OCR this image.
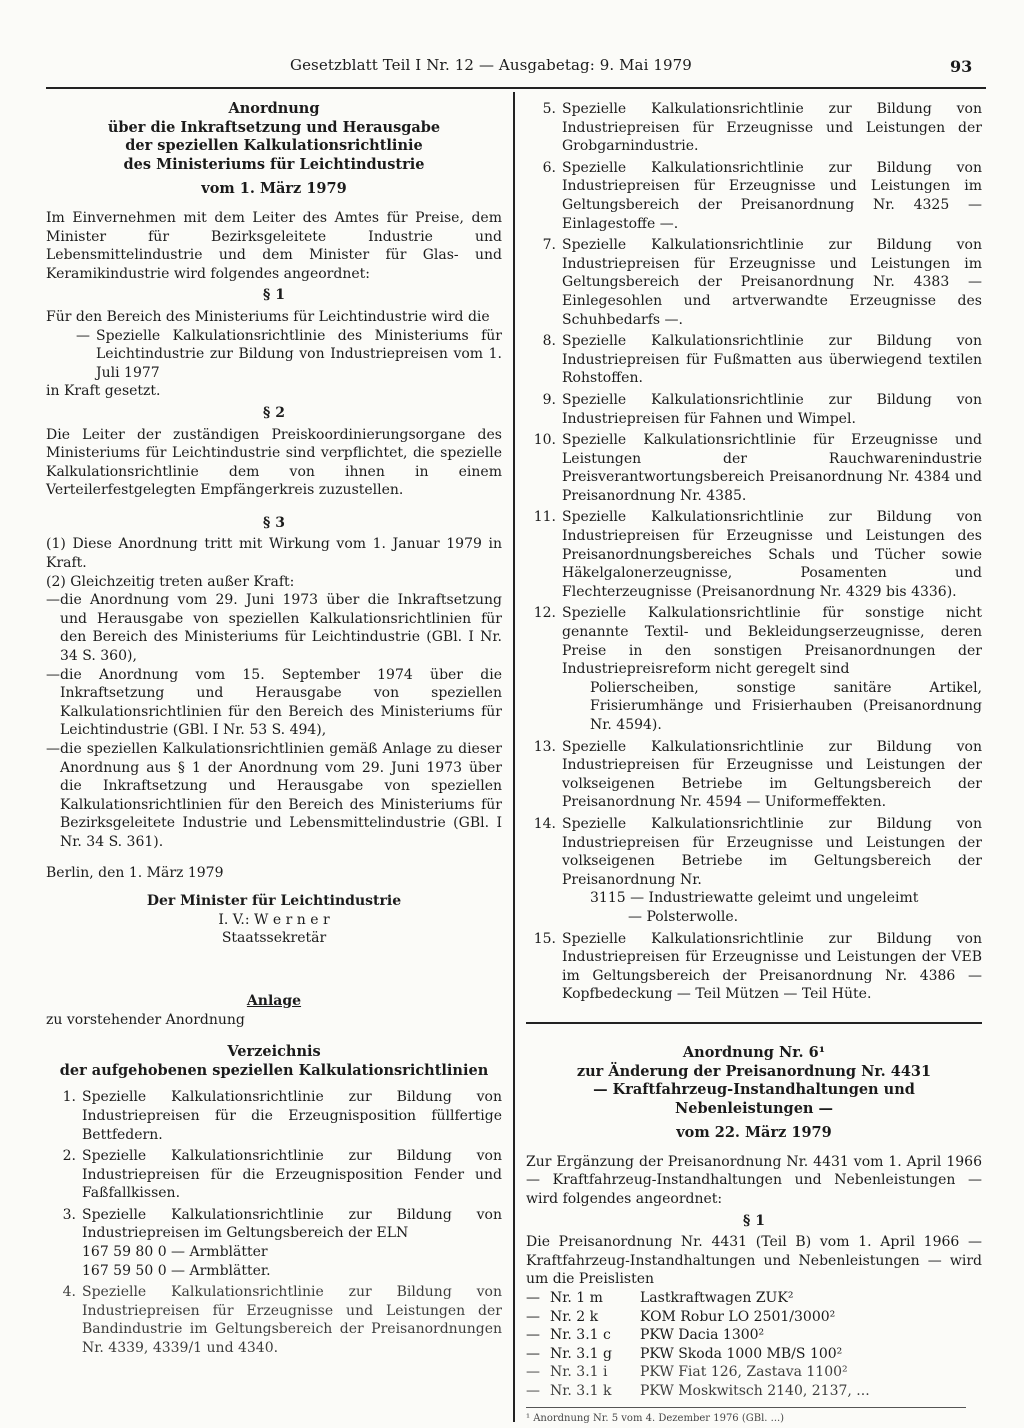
Gesetzblatt Teil I Nr. 12 — Ausgabetag: 9. Mai 1979	93
Anordnung
über die Inkraftsetzung und Herausgabe
der speziellen Kalkulationsrichtlinie
des Ministeriums für Leichtindustrie
vom 1. März 1979

Im Einvernehmen mit dem Leiter des Amtes für Preise, dem Minister für Bezirksgeleitete Industrie und Lebensmittelindustrie und dem Minister für Glas- und Keramikindustrie wird folgendes angeordnet:

§ 1

Für den Bereich des Ministeriums für Leichtindustrie wird die

— Spezielle Kalkulationsrichtlinie des Ministeriums für Leichtindustrie zur Bildung von Industriepreisen vom 1. Juli 1977

in Kraft gesetzt.

§ 2

Die Leiter der zuständigen Preiskoordinierungsorgane des Ministeriums für Leichtindustrie sind verpflichtet, die spezielle Kalkulationsrichtlinie dem von ihnen in einem Verteilerfestgelegten Empfängerkreis zuzustellen.

§ 3

(1) Diese Anordnung tritt mit Wirkung vom 1. Januar 1979 in Kraft.

(2) Gleichzeitig treten außer Kraft:

— die Anordnung vom 29. Juni 1973 über die Inkraftsetzung und Herausgabe von speziellen Kalkulationsrichtlinien für den Bereich des Ministeriums für Leichtindustrie (GBl. I Nr. 34 S. 360),
— die Anordnung vom 15. September 1974 über die Inkraftsetzung und Herausgabe von speziellen Kalkulationsrichtlinien für den Bereich des Ministeriums für Leichtindustrie (GBl. I Nr. 53 S. 494),
— die speziellen Kalkulationsrichtlinien gemäß Anlage zu dieser Anordnung aus § 1 der Anordnung vom 29. Juni 1973 über die Inkraftsetzung und Herausgabe von speziellen Kalkulationsrichtlinien für den Bereich des Ministeriums für Bezirksgeleitete Industrie und Lebensmittelindustrie (GBl. I Nr. 34 S. 361).

Berlin, den 1. März 1979

Der Minister für Leichtindustrie
I. V.: W e r n e r
Staatssekretär
Anlage

zu vorstehender Anordnung

Verzeichnis
der aufgehobenen speziellen Kalkulationsrichtlinien
1. Spezielle Kalkulationsrichtlinie zur Bildung von Industriepreisen für die Erzeugnisposition füllfertige Bettfedern.
2. Spezielle Kalkulationsrichtlinie zur Bildung von Industriepreisen für die Erzeugnisposition Fender und Faßfallkissen.
3. Spezielle Kalkulationsrichtlinie zur Bildung von Industriepreisen im Geltungsbereich der ELN
167 59 80 0 — Armblätter
167 59 50 0 — Armblätter.
4. Spezielle Kalkulationsrichtlinie zur Bildung von Industriepreisen für Erzeugnisse und Leistungen der Bandindustrie im Geltungsbereich der Preisanordnungen Nr. 4339, 4339/1 und 4340.
5. Spezielle Kalkulationsrichtlinie zur Bildung von Industriepreisen für Erzeugnisse und Leistungen der Grobgarnindustrie.
6. Spezielle Kalkulationsrichtlinie zur Bildung von Industriepreisen für Erzeugnisse und Leistungen im Geltungsbereich der Preisanordnung Nr. 4325 — Einlagestoffe —.
7. Spezielle Kalkulationsrichtlinie zur Bildung von Industriepreisen für Erzeugnisse und Leistungen im Geltungsbereich der Preisanordnung Nr. 4383 — Einlegesohlen und artverwandte Erzeugnisse des Schuhbedarfs —.
8. Spezielle Kalkulationsrichtlinie zur Bildung von Industriepreisen für Fußmatten aus überwiegend textilen Rohstoffen.
9. Spezielle Kalkulationsrichtlinie zur Bildung von Industriepreisen für Fahnen und Wimpel.
10. Spezielle Kalkulationsrichtlinie für Erzeugnisse und Leistungen der Rauchwarenindustrie Preisverantwortungsbereich Preisanordnung Nr. 4384 und Preisanordnung Nr. 4385.
11. Spezielle Kalkulationsrichtlinie zur Bildung von Industriepreisen für Erzeugnisse und Leistungen des Preisanordnungsbereiches Schals und Tücher sowie Häkelgalonerzeugnisse, Posamenten und Flechterzeugnisse (Preisanordnung Nr. 4329 bis 4336).
12. Spezielle Kalkulationsrichtlinie für sonstige nicht genannte Textil- und Bekleidungserzeugnisse, deren Preise in den sonstigen Preisanordnungen der Industriepreisreform nicht geregelt sind

Polierscheiben, sonstige sanitäre Artikel, Frisierumhänge und Frisierhauben (Preisanordnung Nr. 4594).

13. Spezielle Kalkulationsrichtlinie zur Bildung von Industriepreisen für Erzeugnisse und Leistungen der volkseigenen Betriebe im Geltungsbereich der Preisanordnung Nr. 4594 — Uniformeffekten.
14. Spezielle Kalkulationsrichtlinie zur Bildung von Industriepreisen für Erzeugnisse und Leistungen der volkseigenen Betriebe im Geltungsbereich der Preisanordnung Nr.
3115 — Industriewatte geleimt und ungeleimt
— Polsterwolle.
15. Spezielle Kalkulationsrichtlinie zur Bildung von Industriepreisen für Erzeugnisse und Leistungen der VEB im Geltungsbereich der Preisanordnung Nr. 4386 — Kopfbedeckung — Teil Mützen — Teil Hüte.
Anordnung Nr. 6¹
zur Änderung der Preisanordnung Nr. 4431
— Kraftfahrzeug-Instandhaltungen und Nebenleistungen —
vom 22. März 1979

Zur Ergänzung der Preisanordnung Nr. 4431 vom 1. April 1966 — Kraftfahrzeug-Instandhaltungen und Nebenleistungen — wird folgendes angeordnet:

§ 1

Die Preisanordnung Nr. 4431 (Teil B) vom 1. April 1966 — Kraftfahrzeug-Instandhaltungen und Nebenleistungen — wird um die Preislisten

— Nr. 1 m	Lastkraftwagen ZUK²
— Nr. 2 k	KOM Robur LO 2501/3000²
— Nr. 3.1 c	PKW Dacia 1300²
— Nr. 3.1 g	PKW Skoda 1000 MB/S 100²
— Nr. 3.1 i	PKW Fiat 126, Zastava 1100²
— Nr. 3.1 k	PKW Moskwitsch 2140, 2137, ...
¹ Anordnung Nr. 5 vom 4. Dezember 1976 (GBl. ...)
